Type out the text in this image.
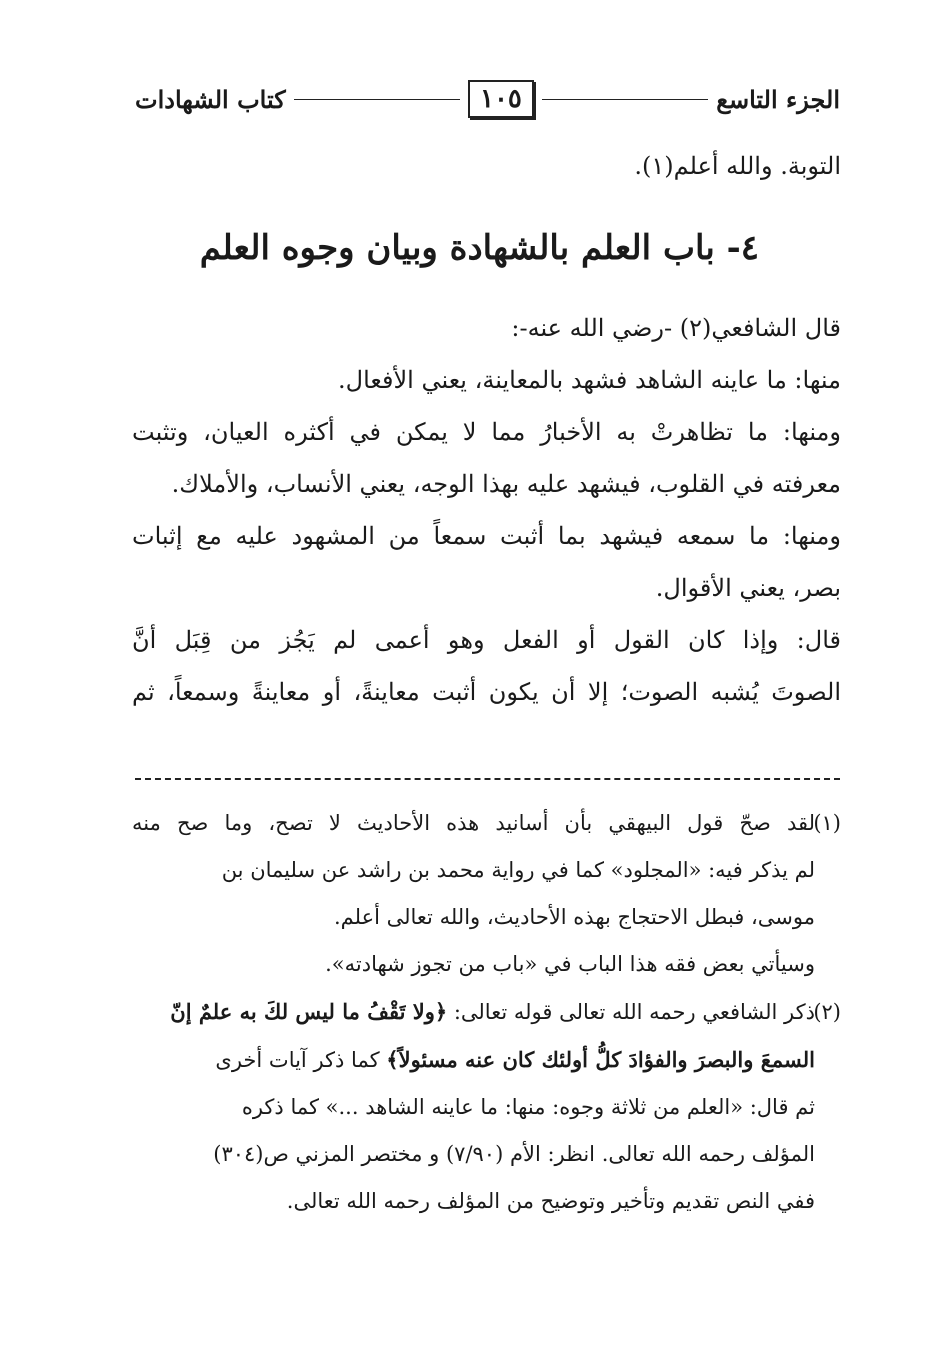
الجزء التاسع
١٠٥
كتاب الشهادات
التوبة. والله أعلم(١).
٤- باب العلم بالشهادة وبيان وجوه العلم
قال الشافعي(٢) -رضي الله عنه-:
منها: ما عاينه الشاهد فشهد بالمعاينة، يعني الأفعال.
ومنها: ما تظاهرتْ به الأخبارُ مما لا يمكن في أكثره العيان، وتثبت
معرفته في القلوب، فيشهد عليه بهذا الوجه، يعني الأنساب، والأملاك.
ومنها: ما سمعه فيشهد بما أثبت سمعاً من المشهود عليه مع إثبات
بصر، يعني الأقوال.
قال: وإذا كان القول أو الفعل وهو أعمى لم يَجُز من قِبَل أنَّ
الصوتَ يُشبه الصوت؛ إلا أن يكون أثبت معاينةً، أو معاينةً وسمعاً، ثم
(١)لقد صحّ قول البيهقي بأن أسانيد هذه الأحاديث لا تصح، وما صح منه
لم يذكر فيه: «المجلود» كما في رواية محمد بن راشد عن سليمان بن
موسى، فبطل الاحتجاج بهذه الأحاديث، والله تعالى أعلم.
وسيأتي بعض فقه هذا الباب في «باب من تجوز شهادته».
(٢)ذكر الشافعي رحمه الله تعالى قوله تعالى: ﴿ولا تَقْفُ ما ليس لكَ به علمٌ إنّ
السمعَ والبصرَ والفؤادَ كلُّ أولئك كان عنه مسئولاً﴾ كما ذكر آيات أخرى
ثم قال: «العلم من ثلاثة وجوه: منها: ما عاينه الشاهد ...» كما ذكره
المؤلف رحمه الله تعالى. انظر: الأم (٧/٩٠) و مختصر المزني ص(٣٠٤)
ففي النص تقديم وتأخير وتوضيح من المؤلف رحمه الله تعالى.
